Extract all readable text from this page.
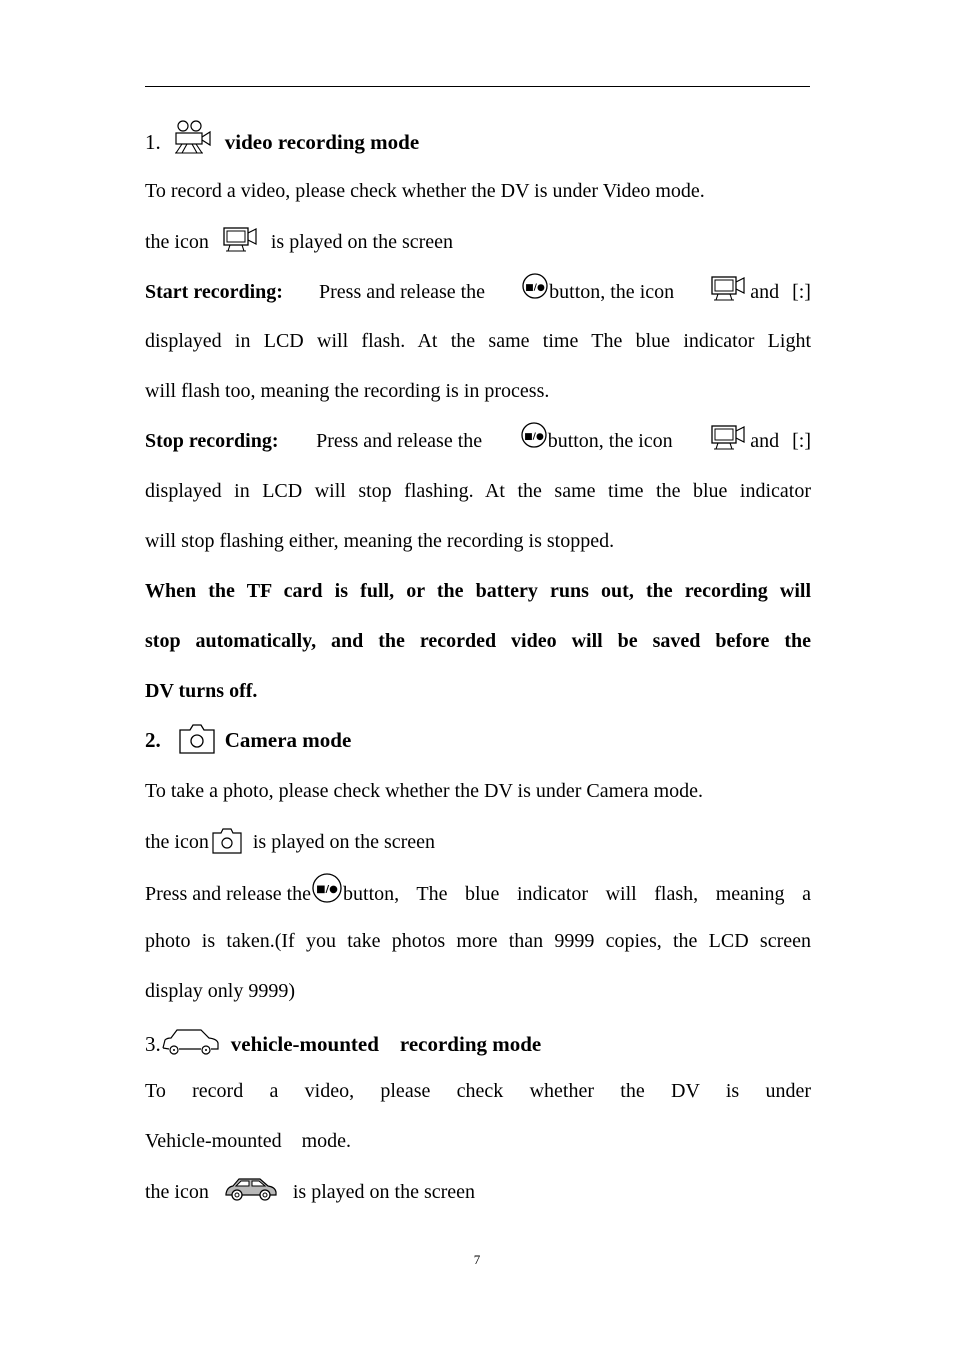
1.	video recording mode
To record a video, please check whether the DV is under Video mode.
the icon	is played on the screen
Start recording: Press and release the	■/● button, the icon	and [:]
displayed in LCD will flash. At the same time The blue indicator Light
will flash too, meaning the recording is in process.
Stop recording: Press and release the	■/● button, the icon	and [:]
displayed in LCD will stop flashing. At the same time the blue indicator
will stop flashing either, meaning the recording is stopped.
When the TF card is full, or the battery runs out, the recording will
stop automatically, and the recorded video will be saved before the
DV turns off.
2.	Camera mode
To take a photo, please check whether the DV is under Camera mode.
the icon is played on the screen
Press and release the ■/● button, The blue indicator will flash, meaning a
photo is taken.(If you take photos more than 9999 copies, the LCD screen
display only 9999)
3.	vehicle-mounted　recording mode
To record a video, please check whether the DV is under
Vehicle-mounted　mode.
the icon	is played on the screen
7
